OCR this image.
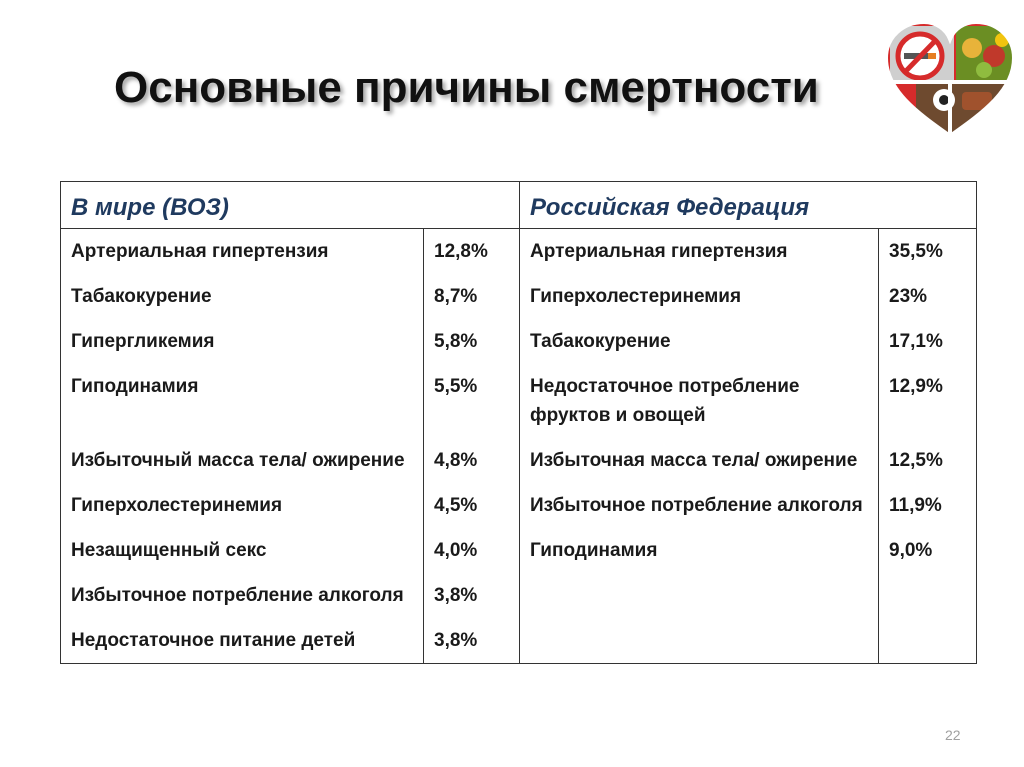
Основные причины смертности
В мире (ВОЗ)		Российская Федерация	
Артериальная гипертензия	12,8%	Артериальная гипертензия	35,5%
Табакокурение	8,7%	Гиперхолестеринемия	23%
Гипергликемия	5,8%	Табакокурение	17,1%
Гиподинамия	5,5%	Недостаточное потребление фруктов и овощей	12,9%
Избыточный масса тела/ ожирение	4,8%	Избыточная масса тела/ ожирение	12,5%
Гиперхолестеринемия	4,5%	Избыточное потребление алкоголя	11,9%
Незащищенный секс	4,0%	Гиподинамия	9,0%
Избыточное потребление алкоголя	3,8%		
Недостаточное питание детей	3,8%		
22
